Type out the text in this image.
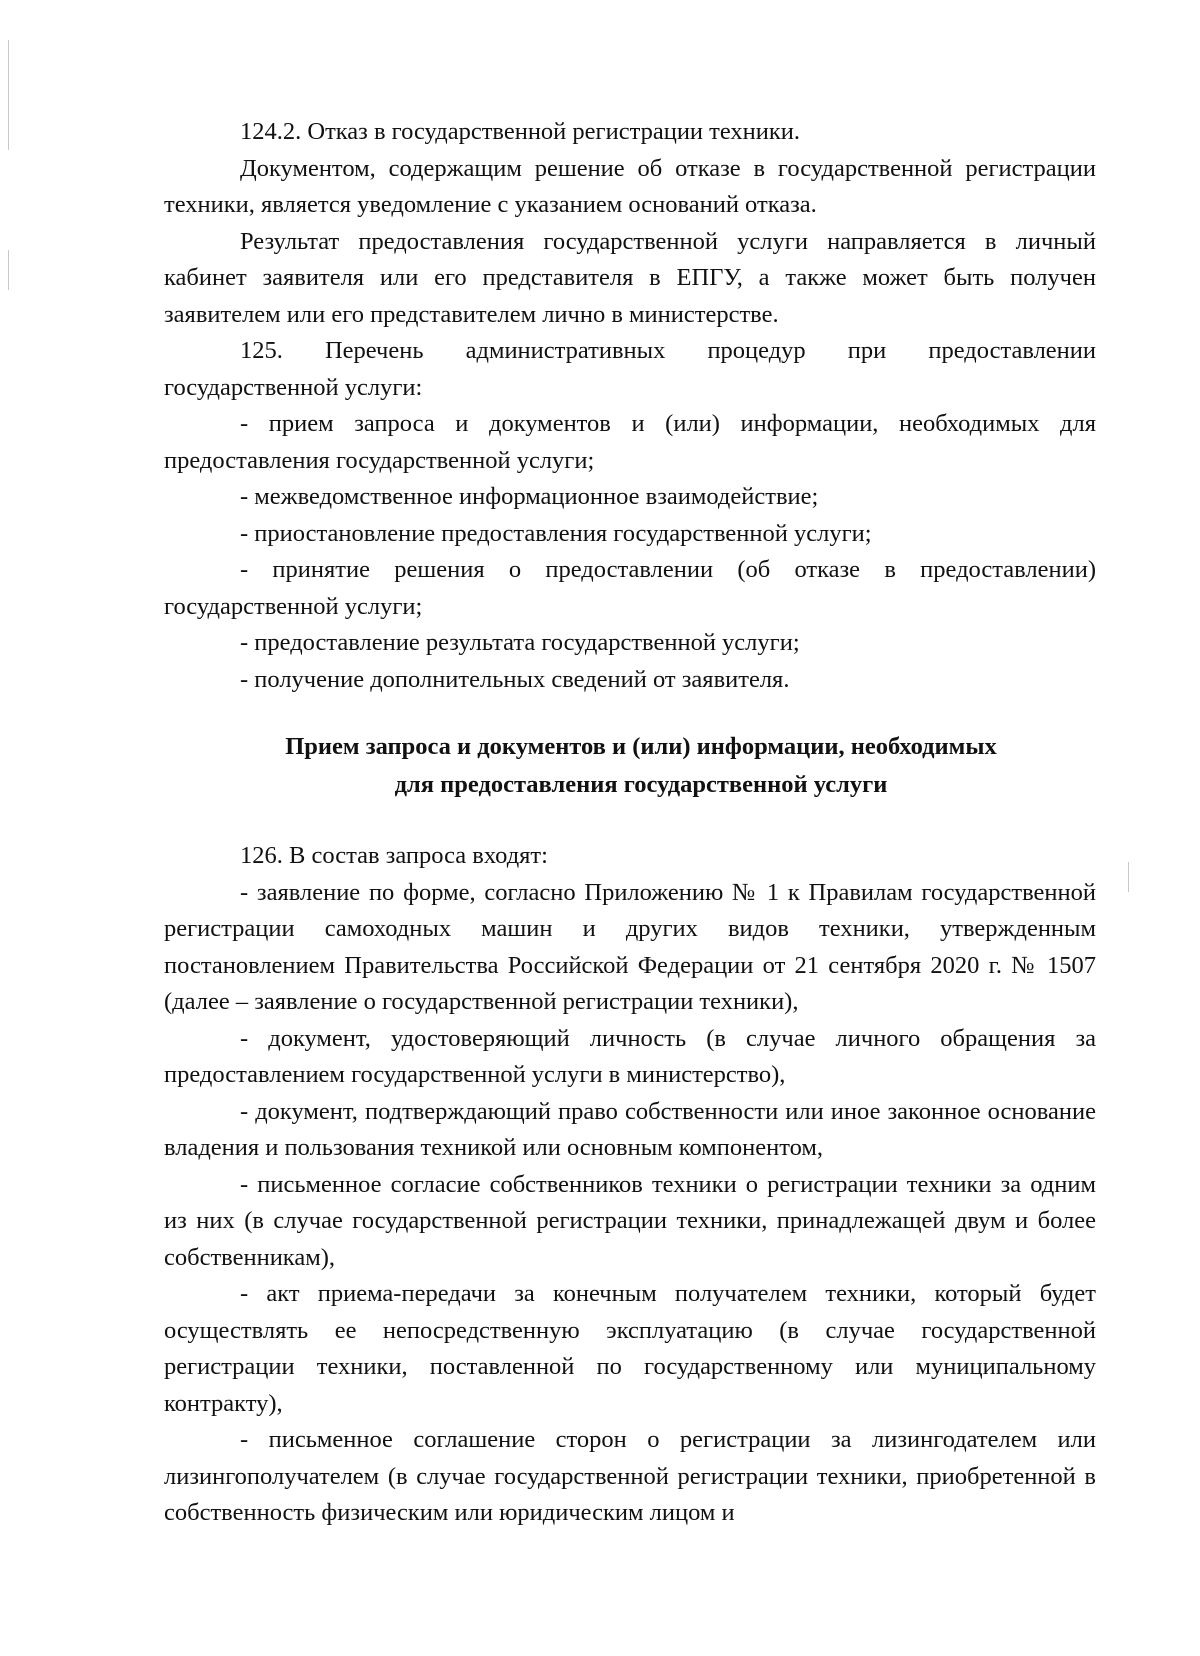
124.2. Отказ в государственной регистрации техники.

Документом, содержащим решение об отказе в государственной регистрации техники, является уведомление с указанием оснований отказа.

Результат предоставления государственной услуги направляется в личный кабинет заявителя или его представителя в ЕПГУ, а также может быть получен заявителем или его представителем лично в министерстве.

125. Перечень административных процедур при предоставлении государственной услуги:

- прием запроса и документов и (или) информации, необходимых для предоставления государственной услуги;

- межведомственное информационное взаимодействие;

- приостановление предоставления государственной услуги;

- принятие решения о предоставлении (об отказе в предоставлении) государственной услуги;

- предоставление результата государственной услуги;

- получение дополнительных сведений от заявителя.

Прием запроса и документов и (или) информации, необходимых
для предоставления государственной услуги

126. В состав запроса входят:

- заявление по форме, согласно Приложению № 1 к Правилам государственной регистрации самоходных машин и других видов техники, утвержденным постановлением Правительства Российской Федерации от 21 сентября 2020 г. № 1507 (далее – заявление о государственной регистрации техники),

- документ, удостоверяющий личность (в случае личного обращения за предоставлением государственной услуги в министерство),

- документ, подтверждающий право собственности или иное законное основание владения и пользования техникой или основным компонентом,

- письменное согласие собственников техники о регистрации техники за одним из них (в случае государственной регистрации техники, принадлежащей двум и более собственникам),

- акт приема-передачи за конечным получателем техники, который будет осуществлять ее непосредственную эксплуатацию (в случае государственной регистрации техники, поставленной по государственному или муниципальному контракту),

- письменное соглашение сторон о регистрации за лизингодателем или лизингополучателем (в случае государственной регистрации техники, приобретенной в собственность физическим или юридическим лицом и
